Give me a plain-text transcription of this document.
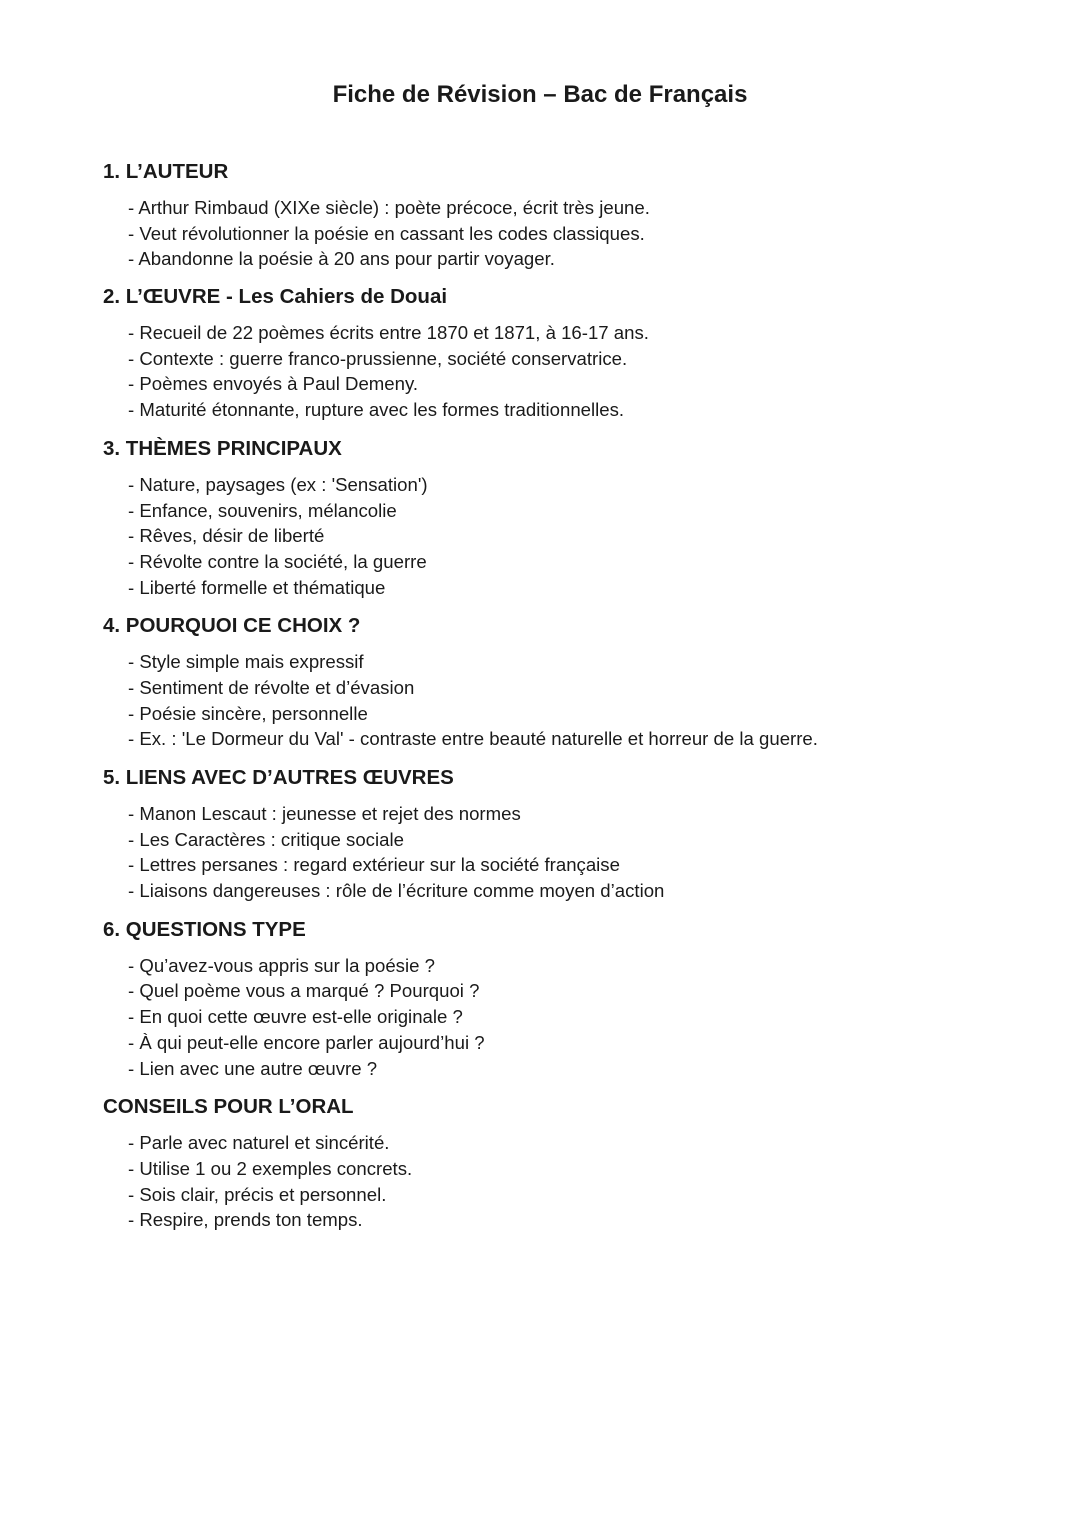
Fiche de Révision – Bac de Français
1. L’AUTEUR
- Arthur Rimbaud (XIXe siècle) : poète précoce, écrit très jeune.
- Veut révolutionner la poésie en cassant les codes classiques.
- Abandonne la poésie à 20 ans pour partir voyager.
2. L’ŒUVRE - Les Cahiers de Douai
- Recueil de 22 poèmes écrits entre 1870 et 1871, à 16-17 ans.
- Contexte : guerre franco-prussienne, société conservatrice.
- Poèmes envoyés à Paul Demeny.
- Maturité étonnante, rupture avec les formes traditionnelles.
3. THÈMES PRINCIPAUX
- Nature, paysages (ex : 'Sensation')
- Enfance, souvenirs, mélancolie
- Rêves, désir de liberté
- Révolte contre la société, la guerre
- Liberté formelle et thématique
4. POURQUOI CE CHOIX ?
- Style simple mais expressif
- Sentiment de révolte et d’évasion
- Poésie sincère, personnelle
- Ex. : 'Le Dormeur du Val' - contraste entre beauté naturelle et horreur de la guerre.
5. LIENS AVEC D’AUTRES ŒUVRES
- Manon Lescaut : jeunesse et rejet des normes
- Les Caractères : critique sociale
- Lettres persanes : regard extérieur sur la société française
- Liaisons dangereuses : rôle de l’écriture comme moyen d’action
6. QUESTIONS TYPE
- Qu’avez-vous appris sur la poésie ?
- Quel poème vous a marqué ? Pourquoi ?
- En quoi cette œuvre est-elle originale ?
- À qui peut-elle encore parler aujourd’hui ?
- Lien avec une autre œuvre ?
CONSEILS POUR L’ORAL
- Parle avec naturel et sincérité.
- Utilise 1 ou 2 exemples concrets.
- Sois clair, précis et personnel.
- Respire, prends ton temps.
